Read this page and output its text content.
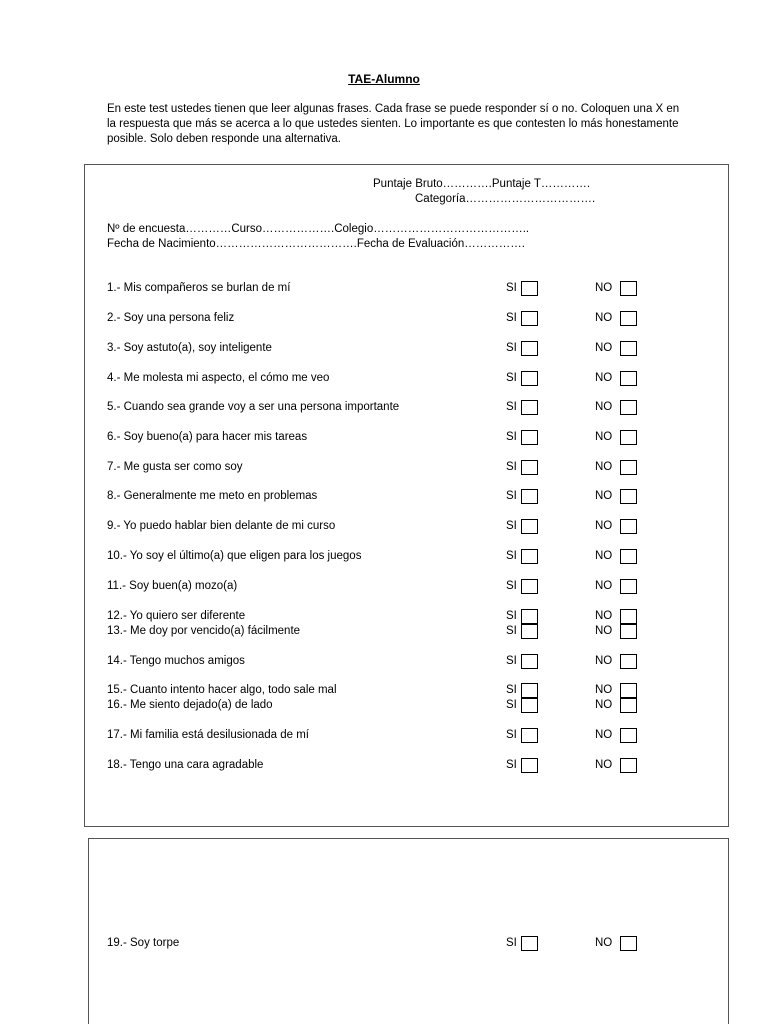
TAE-Alumno
En este test ustedes tienen que leer algunas frases. Cada frase se puede responder sí o no. Coloquen una X en la respuesta que más se acerca a lo que ustedes sienten. Lo importante es que contesten lo más honestamente posible. Solo deben responde una alternativa.
Puntaje Bruto………….Puntaje T………….
Categoría…………………………….
Nº de encuesta…………Curso……………….Colegio…………………………………..
Fecha de Nacimiento……………………………….Fecha de Evaluación…………….
1.- Mis compañeros se burlan de mí	SI	NO
2.- Soy una persona feliz	SI	NO
3.- Soy astuto(a), soy inteligente	SI	NO
4.- Me molesta mi aspecto, el cómo me veo	SI	NO
5.- Cuando sea grande voy a ser una persona importante	SI	NO
6.- Soy bueno(a) para hacer mis tareas	SI	NO
7.- Me gusta ser como soy	SI	NO
8.- Generalmente me meto en problemas	SI	NO
9.- Yo puedo hablar bien delante de mi curso	SI	NO
10.- Yo soy el último(a) que eligen para los juegos	SI	NO
11.- Soy buen(a) mozo(a)	SI	NO
12.- Yo quiero ser diferente	SI	NO
13.- Me doy por vencido(a) fácilmente	SI	NO
14.- Tengo muchos amigos	SI	NO
15.- Cuanto intento hacer algo, todo sale mal	SI	NO
16.- Me siento dejado(a) de lado	SI	NO
17.- Mi familia está desilusionada de mí	SI	NO
18.- Tengo una cara agradable	SI	NO
19.- Soy torpe	SI	NO
